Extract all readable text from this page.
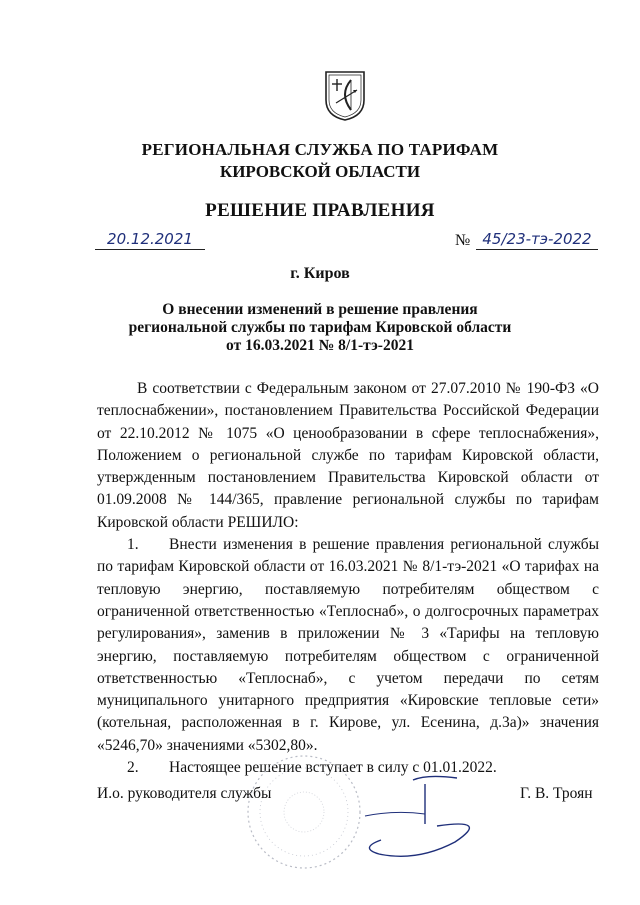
РЕГИОНАЛЬНАЯ СЛУЖБА ПО ТАРИФАМ
КИРОВСКОЙ ОБЛАСТИ
РЕШЕНИЕ ПРАВЛЕНИЯ
20.12.2021	№ 45/23-тэ-2022
г. Киров
О внесении изменений в решение правления
региональной службы по тарифам Кировской области
от 16.03.2021 № 8/1-тэ-2021

В соответствии с Федеральным законом от 27.07.2010 № 190-ФЗ «О теплоснабжении», постановлением Правительства Российской Федерации от 22.10.2012 № 1075 «О ценообразовании в сфере теплоснабжения», Положением о региональной службе по тарифам Кировской области, утвержденным постановлением Правительства Кировской области от 01.09.2008 № 144/365, правление региональной службы по тарифам Кировской области РЕШИЛО:

1. Внести изменения в решение правления региональной службы по тарифам Кировской области от 16.03.2021 № 8/1-тэ-2021 «О тарифах на тепловую энергию, поставляемую потребителям обществом с ограниченной ответственностью «Теплоснаб», о долгосрочных параметрах регулирования», заменив в приложении № 3 «Тарифы на тепловую энергию, поставляемую потребителям обществом с ограниченной ответственностью «Теплоснаб», с учетом передачи по сетям муниципального унитарного предприятия «Кировские тепловые сети» (котельная, расположенная в г. Кирове, ул. Есенина, д.3а)» значения «5246,70» значениями «5302,80».

2. Настоящее решение вступает в силу с 01.01.2022.

И.о. руководителя службы	Г. В. Троян
